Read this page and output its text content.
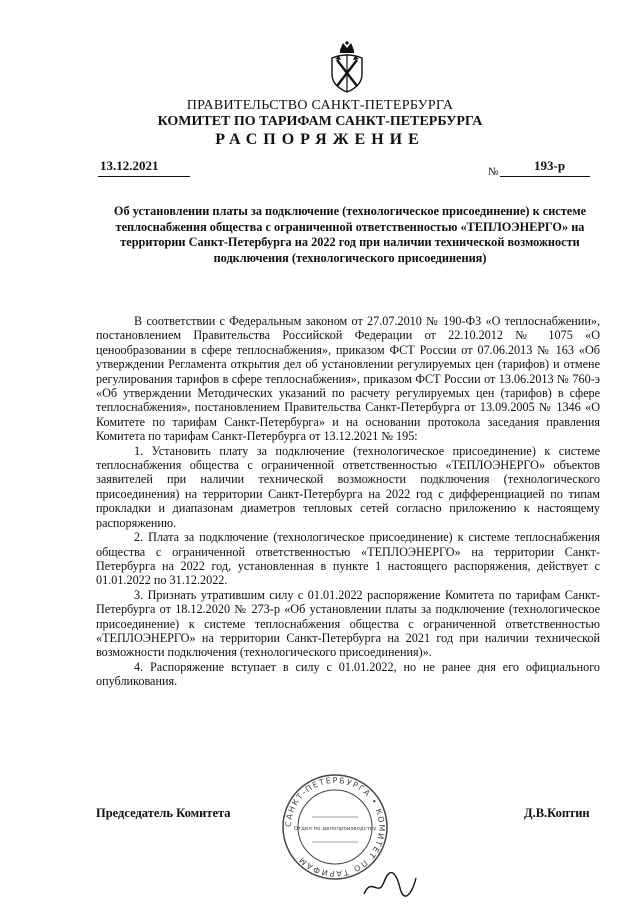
ПРАВИТЕЛЬСТВО САНКТ-ПЕТЕРБУРГА
КОМИТЕТ ПО ТАРИФАМ САНКТ-ПЕТЕРБУРГА
РАСПОРЯЖЕНИЕ
13.12.2021	№	193-р
Об установлении платы за подключение (технологическое присоединение) к системе теплоснабжения общества с ограниченной ответственностью «ТЕПЛОЭНЕРГО» на территории Санкт-Петербурга на 2022 год при наличии технической возможности подключения (технологического присоединения)

В соответствии с Федеральным законом от 27.07.2010 № 190-ФЗ «О теплоснабжении», постановлением Правительства Российской Федерации от 22.10.2012 № 1075 «О ценообразовании в сфере теплоснабжения», приказом ФСТ России от 07.06.2013 № 163 «Об утверждении Регламента открытия дел об установлении регулируемых цен (тарифов) и отмене регулирования тарифов в сфере теплоснабжения», приказом ФСТ России от 13.06.2013 № 760-э «Об утверждении Методических указаний по расчету регулируемых цен (тарифов) в сфере теплоснабжения», постановлением Правительства Санкт-Петербурга от 13.09.2005 № 1346 «О Комитете по тарифам Санкт-Петербурга» и на основании протокола заседания правления Комитета по тарифам Санкт-Петербурга от 13.12.2021 № 195:

1. Установить плату за подключение (технологическое присоединение) к системе теплоснабжения общества с ограниченной ответственностью «ТЕПЛОЭНЕРГО» объектов заявителей при наличии технической возможности подключения (технологического присоединения) на территории Санкт-Петербурга на 2022 год с дифференциацией по типам прокладки и диапазонам диаметров тепловых сетей согласно приложению к настоящему распоряжению.

2. Плата за подключение (технологическое присоединение) к системе теплоснабжения общества с ограниченной ответственностью «ТЕПЛОЭНЕРГО» на территории Санкт-Петербурга на 2022 год, установленная в пункте 1 настоящего распоряжения, действует с 01.01.2022 по 31.12.2022.

3. Признать утратившим силу с 01.01.2022 распоряжение Комитета по тарифам Санкт-Петербурга от 18.12.2020 № 273-р «Об установлении платы за подключение (технологическое присоединение) к системе теплоснабжения общества с ограниченной ответственностью «ТЕПЛОЭНЕРГО» на территории Санкт-Петербурга на 2021 год при наличии технической возможности подключения (технологического присоединения)».

4. Распоряжение вступает в силу с 01.01.2022, но не ранее дня его официального опубликования.

Председатель Комитета	Д.В.Коптин
САНКТ-ПЕТЕРБУРГА • КОМИТЕТ ПО ТАРИФАМ
Отдел по делопроизводству
